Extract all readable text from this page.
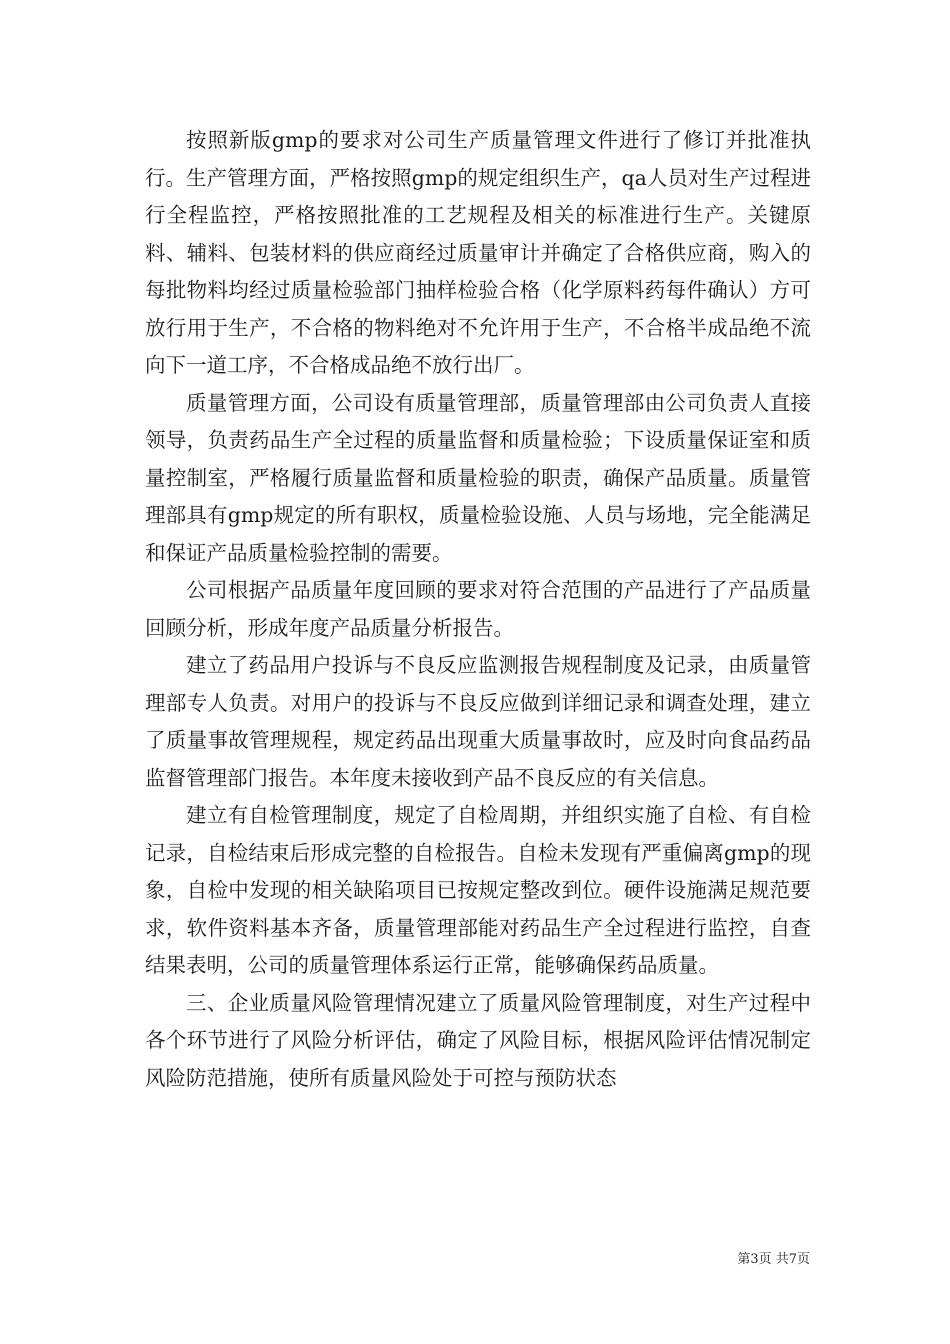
按照新版gmp的要求对公司生产质量管理文件进行了修订并批准执行。生产管理方面，严格按照gmp的规定组织生产，qa人员对生产过程进行全程监控，严格按照批准的工艺规程及相关的标准进行生产。关键原料、辅料、包装材料的供应商经过质量审计并确定了合格供应商，购入的每批物料均经过质量检验部门抽样检验合格（化学原料药每件确认）方可放行用于生产，不合格的物料绝对不允许用于生产，不合格半成品绝不流向下一道工序，不合格成品绝不放行出厂。

质量管理方面，公司设有质量管理部，质量管理部由公司负责人直接领导，负责药品生产全过程的质量监督和质量检验；下设质量保证室和质量控制室，严格履行质量监督和质量检验的职责，确保产品质量。质量管理部具有gmp规定的所有职权，质量检验设施、人员与场地，完全能满足和保证产品质量检验控制的需要。

公司根据产品质量年度回顾的要求对符合范围的产品进行了产品质量回顾分析，形成年度产品质量分析报告。

建立了药品用户投诉与不良反应监测报告规程制度及记录，由质量管理部专人负责。对用户的投诉与不良反应做到详细记录和调查处理，建立了质量事故管理规程，规定药品出现重大质量事故时，应及时向食品药品监督管理部门报告。本年度未接收到产品不良反应的有关信息。

建立有自检管理制度，规定了自检周期，并组织实施了自检、有自检记录，自检结束后形成完整的自检报告。自检未发现有严重偏离gmp的现象，自检中发现的相关缺陷项目已按规定整改到位。硬件设施满足规范要求，软件资料基本齐备，质量管理部能对药品生产全过程进行监控，自查结果表明，公司的质量管理体系运行正常，能够确保药品质量。

三、企业质量风险管理情况建立了质量风险管理制度，对生产过程中各个环节进行了风险分析评估，确定了风险目标，根据风险评估情况制定风险防范措施，使所有质量风险处于可控与预防状态

第3页 共7页
